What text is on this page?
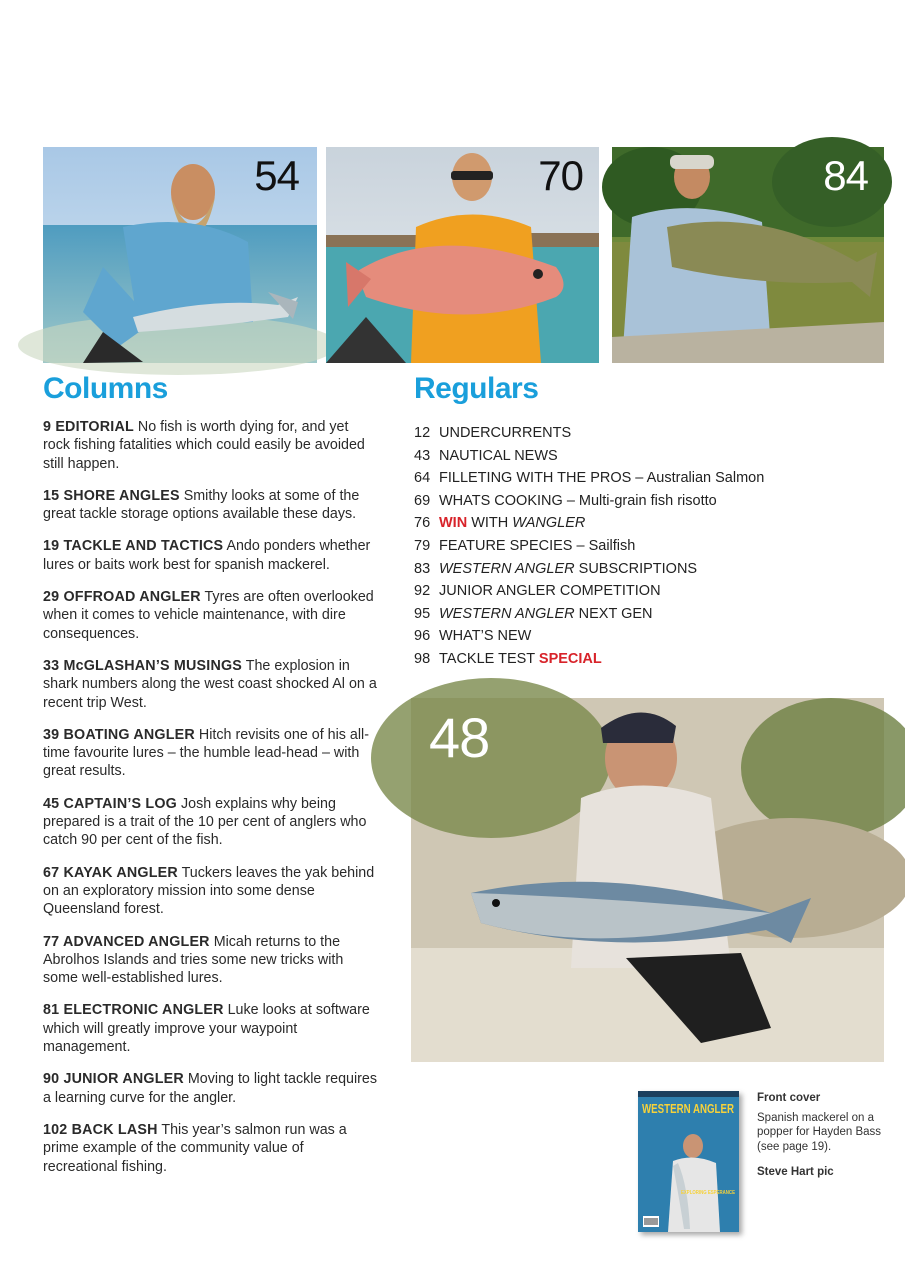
54	70	84
Columns	Regulars

9 EDITORIAL No fish is worth dying for, and yet rock fishing fatalities which could easily be avoided still happen.

15 SHORE ANGLES Smithy looks at some of the great tackle storage options available these days.

19 TACKLE AND TACTICS Ando ponders whether lures or baits work best for spanish mackerel.

29 OFFROAD ANGLER Tyres are often overlooked when it comes to vehicle maintenance, with dire consequences.

33 McGLASHAN’S MUSINGS The explosion in shark numbers along the west coast shocked Al on a recent trip West.

39 BOATING ANGLER Hitch revisits one of his all-time favourite lures – the humble lead-head – with great results.

45 CAPTAIN’S LOG Josh explains why being prepared is a trait of the 10 per cent of anglers who catch 90 per cent of the fish.

67 KAYAK ANGLER Tuckers leaves the yak behind on an exploratory mission into some dense Queensland forest.

77 ADVANCED ANGLER Micah returns to the Abrolhos Islands and tries some new tricks with some well-established lures.

81 ELECTRONIC ANGLER Luke looks at software which will greatly improve your waypoint management.

90 JUNIOR ANGLER Moving to light tackle requires a learning curve for the angler.

102 BACK LASH This year’s salmon run was a prime example of the community value of recreational fishing.

12 UNDERCURRENTS
43 NAUTICAL NEWS
64 FILLETING WITH THE PROS – Australian Salmon
69 WHATS COOKING – Multi-grain fish risotto
76 WIN WITH WANGLER
79 FEATURE SPECIES – Sailfish
83 WESTERN ANGLER SUBSCRIPTIONS
92 JUNIOR ANGLER COMPETITION
95 WESTERN ANGLER NEXT GEN
96 WHAT’S NEW
98 TACKLE TEST SPECIAL
48
WESTERN ANGLER
EXPLORING ESPERANCE
Front cover
Spanish mackerel on a popper for Hayden Bass (see page 19).
Steve Hart pic
